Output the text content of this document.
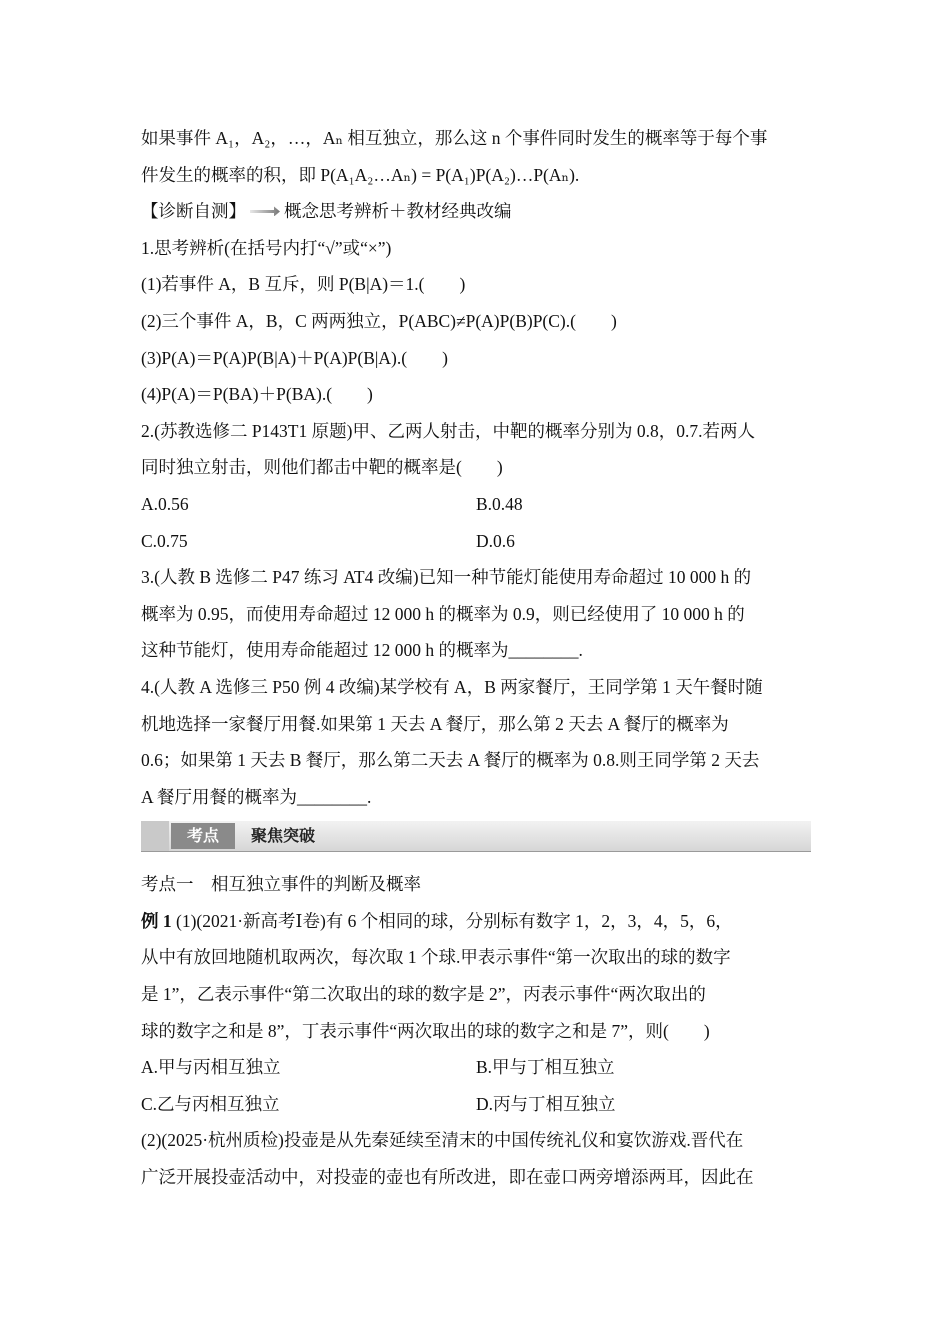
如果事件 A₁，A₂，…，Aₙ 相互独立，那么这 n 个事件同时发生的概率等于每个事
件发生的概率的积，即 P(A₁A₂…Aₙ) = P(A₁)P(A₂)…P(Aₙ).
【诊断自测】 概念思考辨析＋教材经典改编
1.思考辨析(在括号内打“√”或“×”)
(1)若事件 A，B 互斥，则 P(B|A)＝1.(　　)
(2)三个事件 A，B，C 两两独立，P(ABC)≠P(A)P(B)P(C).(　　)
(3)P(A)＝P(A)P(B|A)＋P(A)P(B|A).(　　)
(4)P(A)＝P(BA)＋P(BA).(　　)
2.(苏教选修二 P143T1 原题)甲、乙两人射击，中靶的概率分别为 0.8，0.7.若两人
同时独立射击，则他们都击中靶的概率是(　　)
A.0.56	B.0.48
C.0.75	D.0.6
3.(人教 B 选修二 P47 练习 AT4 改编)已知一种节能灯能使用寿命超过 10 000 h 的
概率为 0.95，而使用寿命超过 12 000 h 的概率为 0.9，则已经使用了 10 000 h 的
这种节能灯，使用寿命能超过 12 000 h 的概率为________.
4.(人教 A 选修三 P50 例 4 改编)某学校有 A，B 两家餐厅，王同学第 1 天午餐时随
机地选择一家餐厅用餐.如果第 1 天去 A 餐厅，那么第 2 天去 A 餐厅的概率为
0.6；如果第 1 天去 B 餐厅，那么第二天去 A 餐厅的概率为 0.8.则王同学第 2 天去
A 餐厅用餐的概率为________.
考点	聚焦突破
考点一　相互独立事件的判断及概率
例 1 (1)(2021·新高考Ⅰ卷)有 6 个相同的球，分别标有数字 1，2，3，4，5，6，
从中有放回地随机取两次，每次取 1 个球.甲表示事件“第一次取出的球的数字
是 1”，乙表示事件“第二次取出的球的数字是 2”，丙表示事件“两次取出的
球的数字之和是 8”，丁表示事件“两次取出的球的数字之和是 7”，则(　　)
A.甲与丙相互独立	B.甲与丁相互独立
C.乙与丙相互独立	D.丙与丁相互独立
(2)(2025·杭州质检)投壶是从先秦延续至清末的中国传统礼仪和宴饮游戏.晋代在
广泛开展投壶活动中，对投壶的壶也有所改进，即在壶口两旁增添两耳，因此在
